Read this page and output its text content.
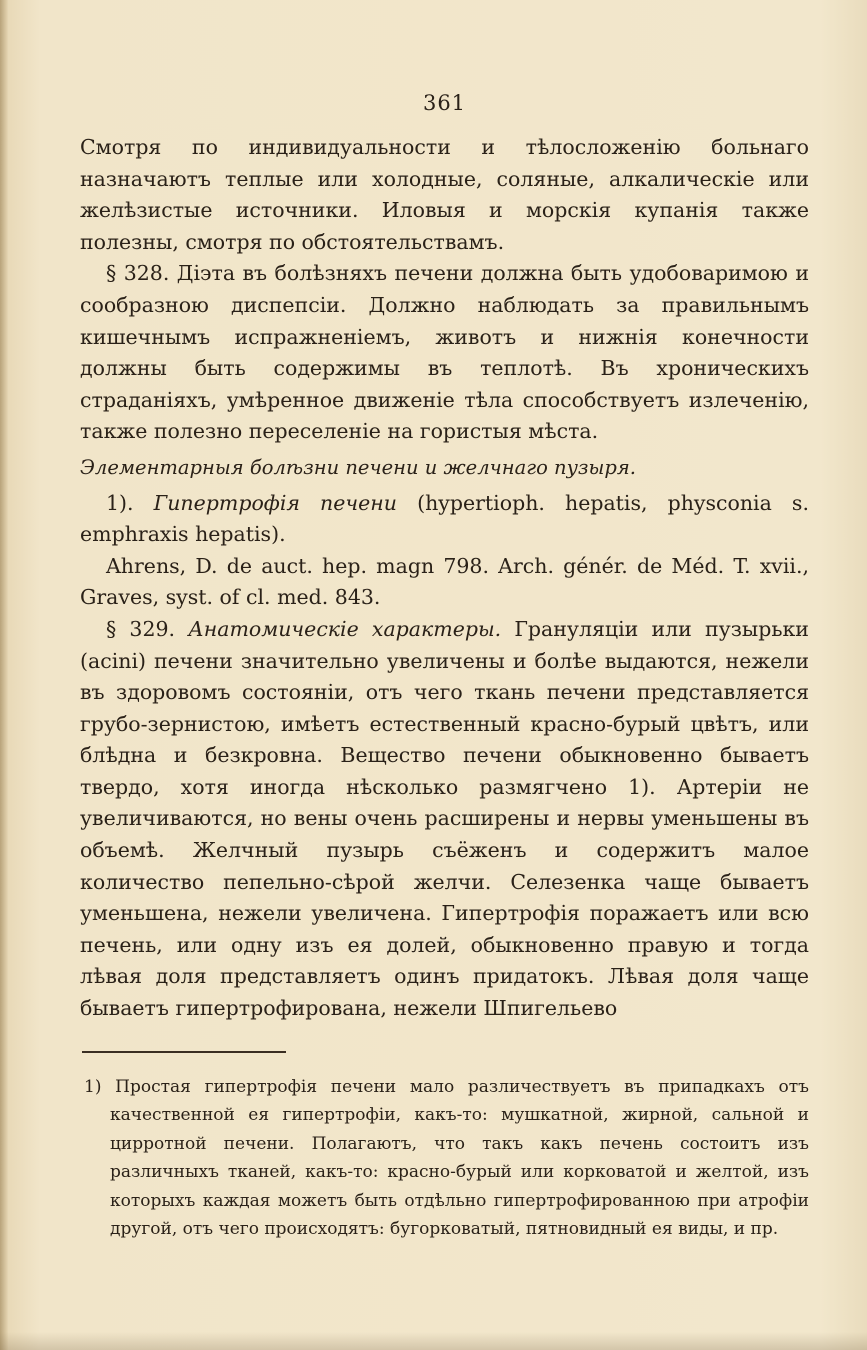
361

Смотря по индивидуальности и тѣлосложенію больнаго назначаютъ теплые или холодные, соляные, алкалическіе или желѣзистые источники. Иловыя и морскія купанія также полезны, смотря по обстоятельствамъ.

§ 328. Діэта въ болѣзняхъ печени должна быть удобоваримою и сообразною диспепсіи. Должно наблюдать за правильнымъ кишечнымъ испражненіемъ, животъ и нижнія конечности должны быть содержимы въ теплотѣ. Въ хроническихъ страданіяхъ, умѣренное движеніе тѣла способствуетъ излеченію, также полезно переселеніе на гористыя мѣста.

Элементарныя болѣзни печени и желчнаго пузыря.

1). Гипертрофія печени (hypertioph. hepatis, physconia s. emphraxis hepatis).

Ahrens, D. de auct. hep. magn 798. Arch. génér. de Méd. T. xvii., Graves, syst. of cl. med. 843.

§ 329. Анатомическіе характеры. Грануляціи или пузырьки (acini) печени значительно увеличены и болѣе выдаются, нежели въ здоровомъ состояніи, отъ чего ткань печени представляется грубо-зернистою, имѣетъ естественный красно-бурый цвѣтъ, или блѣдна и безкровна. Вещество печени обыкновенно бываетъ твердо, хотя иногда нѣсколько размягчено 1). Артеріи не увеличиваются, но вены очень расширены и нервы уменьшены въ объемѣ. Желчный пузырь съёженъ и содержитъ малое количество пепельно-сѣрой желчи. Селезенка чаще бываетъ уменьшена, нежели увеличена. Гипертрофія поражаетъ или всю печень, или одну изъ ея долей, обыкновенно правую и тогда лѣвая доля представляетъ одинъ придатокъ. Лѣвая доля чаще бываетъ гипертрофирована, нежели Шпигельево

1) Простая гипертрофія печени мало различествуетъ въ припадкахъ отъ качественной ея гипертрофіи, какъ-то: мушкатной, жирной, сальной и цирротной печени. Полагаютъ, что такъ какъ печень состоитъ изъ различныхъ тканей, какъ-то: красно-бурый или корковатой и желтой, изъ которыхъ каждая можетъ быть отдѣльно гипертрофированною при атрофіи другой, отъ чего происходятъ: бугорковатый, пятновидный ея виды, и пр.
